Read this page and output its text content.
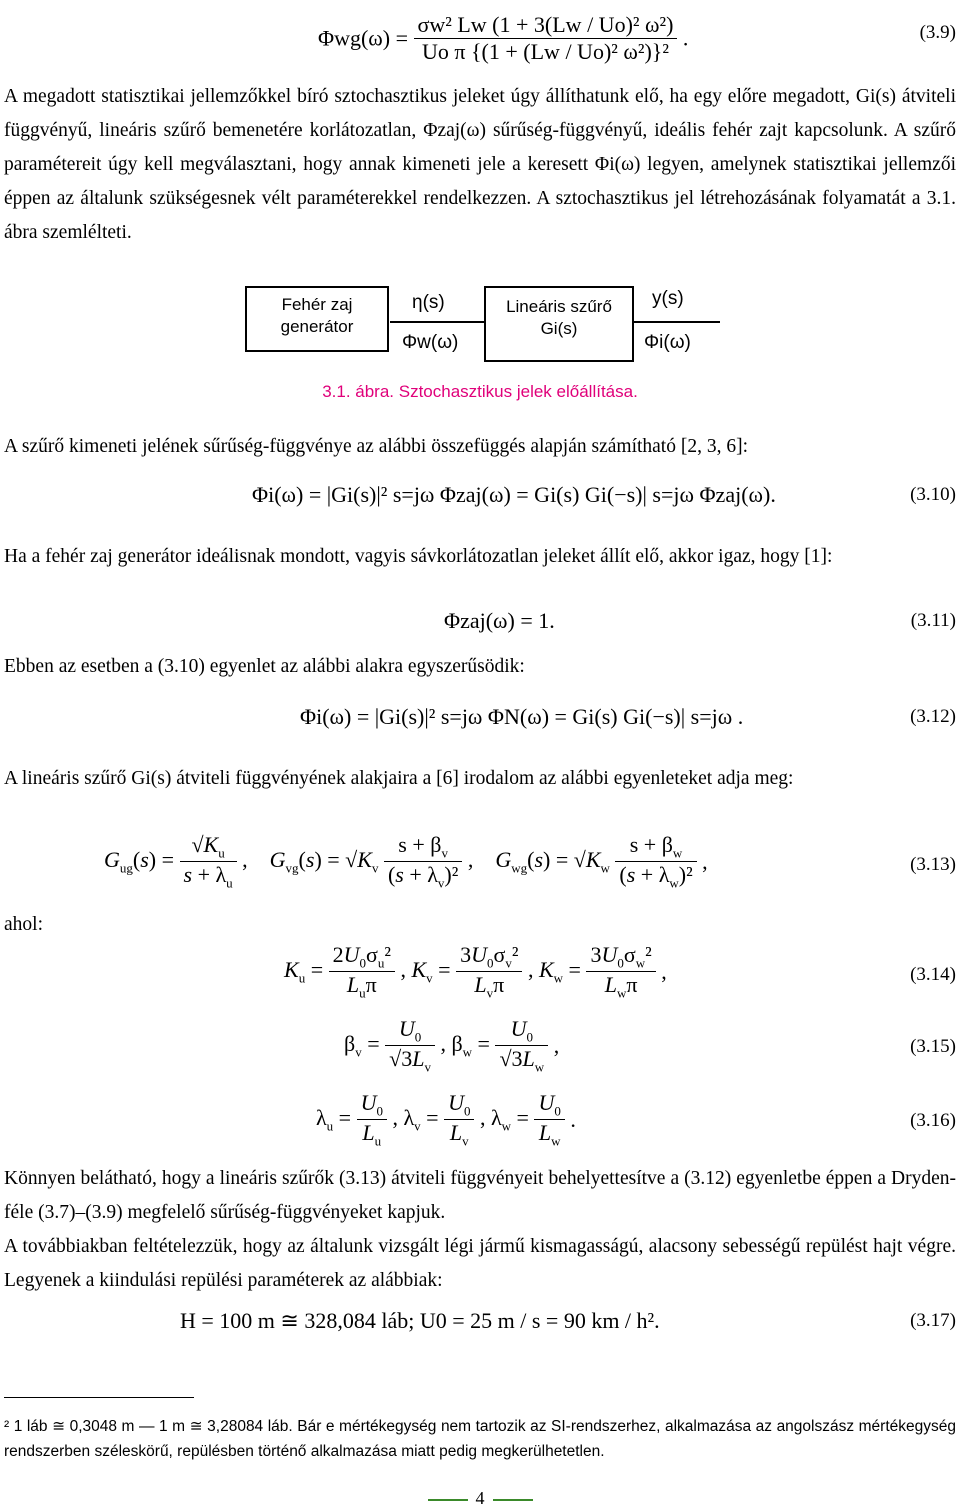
$\Phi wg(\omega) = \frac{\text{σw² Lw (1 + 3(Lw / Uo)² ω²)}}{\text{Uo π \{(1 + (Lw / Uo)² ω²)\}²}}$ .	(3.9)
A megadott statisztikai jellemzőkkel bíró sztochasztikus jeleket úgy állíthatunk elő, ha egy előre megadott, Gi(s) átviteli függvényű, lineáris szűrő bemenetére korlátozatlan, Φzaj(ω) sűrűség-függvényű, ideális fehér zajt kapcsolunk. A szűrő paramétereit úgy kell megválasztani, hogy annak kimeneti jele a keresett Φi(ω) legyen, amelynek statisztikai jellemzői éppen az általunk szükségesnek vélt paraméterekkel rendelkezzen. A sztochasztikus jel létrehozásának folyamatát a 3.1. ábra szemlélteti.
Fehér zaj generátor
Lineáris szűrő
Gi(s)
η(s)
Φw(ω)
y(s)
Φi(ω)
3.1. ábra. Sztochasztikus jelek előállítása.
A szűrő kimeneti jelének sűrűség-függvénye az alábbi összefüggés alapján számítható [2, 3, 6]:
Φi(ω) = |Gi(s)|² s=jω Φzaj(ω) = Gi(s) Gi(−s)| s=jω Φzaj(ω).	(3.10)
Ha a fehér zaj generátor ideálisnak mondott, vagyis sávkorlátozatlan jeleket állít elő, akkor igaz, hogy [1]:
Φzaj(ω) = 1.	(3.11)
Ebben az esetben a (3.10) egyenlet az alábbi alakra egyszerűsödik:
Φi(ω) = |Gi(s)|² s=jω ΦN(ω) = Gi(s) Gi(−s)| s=jω .	(3.12)
A lineáris szűrő Gi(s) átviteli függvényének alakjaira a [6] irodalom az alábbi egyenleteket adja meg:
$G_{ug}(s) = \frac{√K_u}{s + \lambda_u}$ ,    $G_{vg}(s) = √K_v \frac{s + \beta_v}{(s + \lambda_v)^2}$ ,    $G_{wg}(s) = √K_w \frac{s + \beta_w}{(s + \lambda_w)^2}$ ,	(3.13)
ahol:
$K_u = \frac{2U_0\sigma_u^2}{L_u\pi}$ , $K_v = \frac{3U_0\sigma_v^2}{L_v\pi}$ , $K_w = \frac{3U_0\sigma_w^2}{L_w\pi}$ ,	(3.14)
$\beta_v = \frac{U_0}{√3L_v}$ , $\beta_w = \frac{U_0}{√3L_w}$ ,	(3.15)
$\lambda_u = \frac{U_0}{L_u}$ , $\lambda_v = \frac{U_0}{L_v}$ , $\lambda_w = \frac{U_0}{L_w}$ .	(3.16)
Könnyen belátható, hogy a lineáris szűrők (3.13) átviteli függvényeit behelyettesítve a (3.12) egyenletbe éppen a Dryden-féle (3.7)–(3.9) megfelelő sűrűség-függvényeket kapjuk.
A továbbiakban feltételezzük, hogy az általunk vizsgált légi jármű kismagasságú, alacsony sebességű repülést hajt végre. Legyenek a kiindulási repülési paraméterek az alábbiak:
H = 100 m ≅ 328,084 láb; U0 = 25 m / s = 90 km / h².	(3.17)
² 1 láb ≅ 0,3048 m — 1 m ≅ 3,28084 láb. Bár e mértékegység nem tartozik az SI-rendszerhez, alkalmazása az angolszász mértékegység rendszerben széleskörű, repülésben történő alkalmazása miatt pedig megkerülhetetlen.
4
